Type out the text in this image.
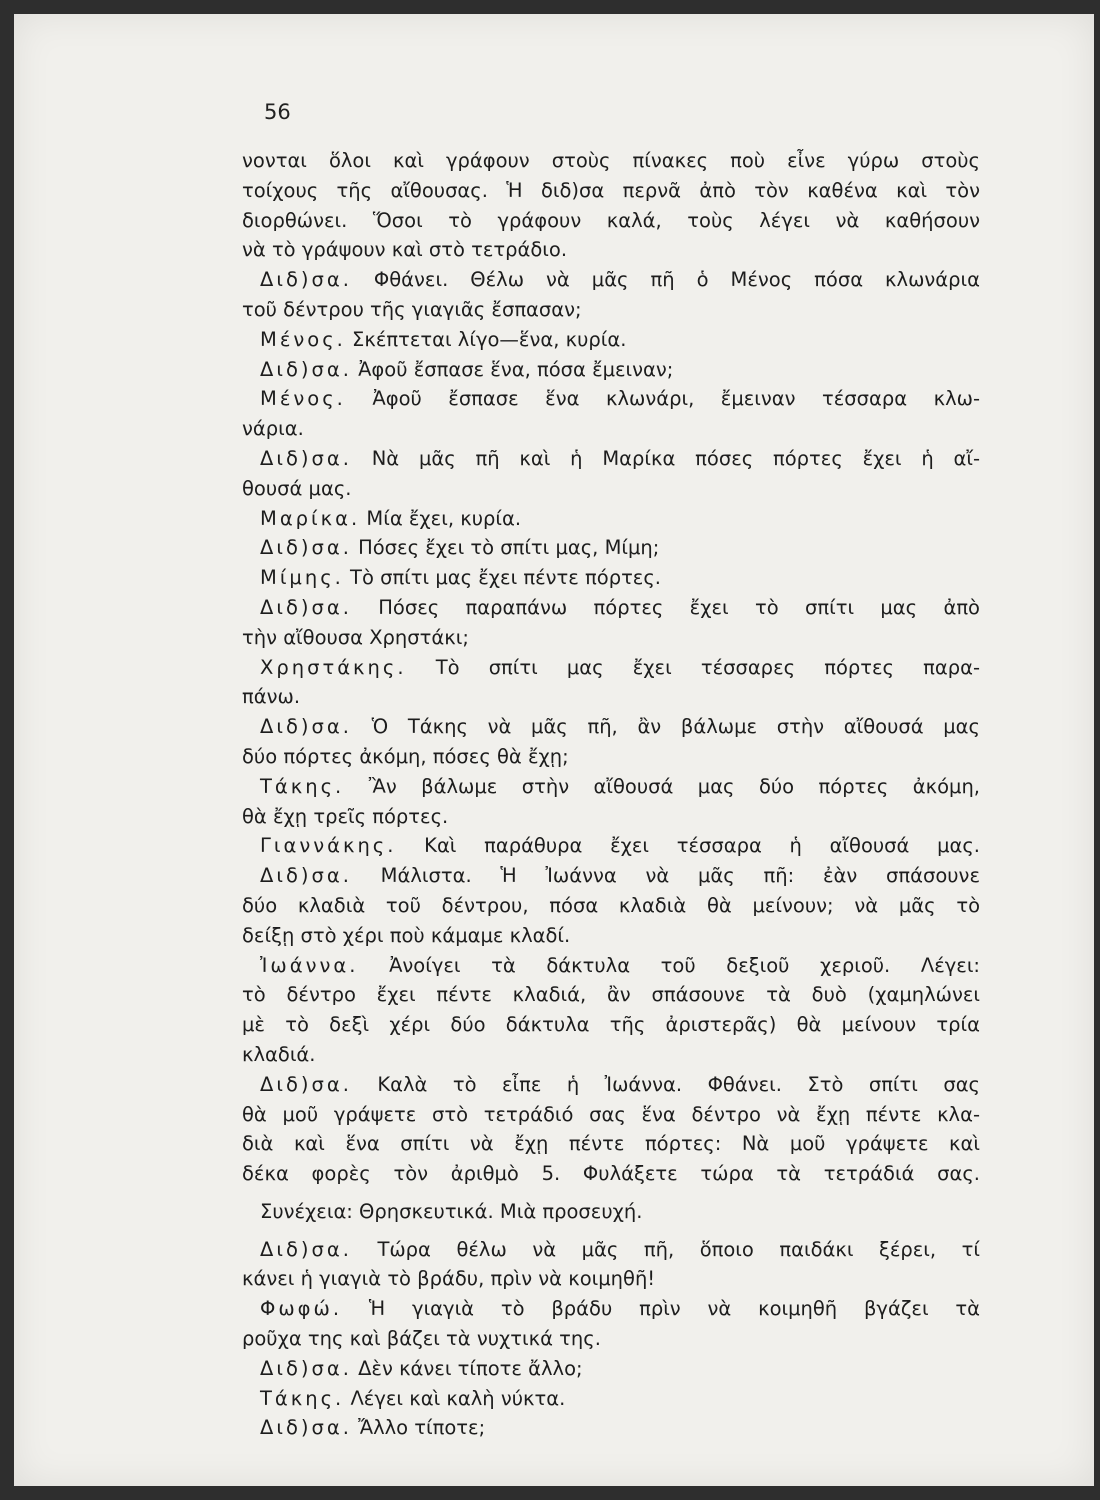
56
νονται ὅλοι καὶ γράφουν στοὺς πίνακες ποὺ εἶνε γύρω στοὺς
τοίχους τῆς αἴθουσας. Ἡ διδ)σα περνᾶ ἀπὸ τὸν καθένα καὶ τὸν
διορθώνει. Ὅσοι τὸ γράφουν καλά, τοὺς λέγει νὰ καθήσουν
νὰ τὸ γράψουν καὶ στὸ τετράδιο.
Διδ)σα. Φθάνει. Θέλω νὰ μᾶς πῆ ὁ Μένος πόσα κλωνάρια
τοῦ δέντρου τῆς γιαγιᾶς ἔσπασαν;
Μένος. Σκέπτεται λίγο—ἕνα, κυρία.
Διδ)σα. Ἀφοῦ ἔσπασε ἕνα, πόσα ἔμειναν;
Μένος. Ἀφοῦ ἔσπασε ἕνα κλωνάρι, ἔμειναν τέσσαρα κλω-
νάρια.
Διδ)σα. Νὰ μᾶς πῆ καὶ ἡ Μαρίκα πόσες πόρτες ἔχει ἡ αἴ-
θουσά μας.
Μαρίκα. Μία ἔχει, κυρία.
Διδ)σα. Πόσες ἔχει τὸ σπίτι μας, Μίμη;
Μίμης. Τὸ σπίτι μας ἔχει πέντε πόρτες.
Διδ)σα. Πόσες παραπάνω πόρτες ἔχει τὸ σπίτι μας ἀπὸ
τὴν αἴθουσα Χρηστάκι;
Χρηστάκης. Τὸ σπίτι μας ἔχει τέσσαρες πόρτες παρα-
πάνω.
Διδ)σα. Ὁ Τάκης νὰ μᾶς πῆ, ἂν βάλωμε στὴν αἴθουσά μας
δύο πόρτες ἀκόμη, πόσες θὰ ἔχῃ;
Τάκης. Ἂν βάλωμε στὴν αἴθουσά μας δύο πόρτες ἀκόμη,
θὰ ἔχῃ τρεῖς πόρτες.
Γιαννάκης. Καὶ παράθυρα ἔχει τέσσαρα ἡ αἴθουσά μας.
Διδ)σα. Μάλιστα. Ἡ Ἰωάννα νὰ μᾶς πῆ: ἐὰν σπάσουνε
δύο κλαδιὰ τοῦ δέντρου, πόσα κλαδιὰ θὰ μείνουν; νὰ μᾶς τὸ
δείξῃ στὸ χέρι ποὺ κάμαμε κλαδί.
Ἰωάννα. Ἀνοίγει τὰ δάκτυλα τοῦ δεξιοῦ χεριοῦ. Λέγει:
τὸ δέντρο ἔχει πέντε κλαδιά, ἂν σπάσουνε τὰ δυὸ (χαμηλώνει
μὲ τὸ δεξὶ χέρι δύο δάκτυλα τῆς ἀριστερᾶς) θὰ μείνουν τρία
κλαδιά.
Διδ)σα. Καλὰ τὸ εἶπε ἡ Ἰωάννα. Φθάνει. Στὸ σπίτι σας
θὰ μοῦ γράψετε στὸ τετράδιό σας ἕνα δέντρο νὰ ἔχῃ πέντε κλα-
διὰ καὶ ἕνα σπίτι νὰ ἔχῃ πέντε πόρτες: Νὰ μοῦ γράψετε καὶ
δέκα φορὲς τὸν ἀριθμὸ 5. Φυλάξετε τώρα τὰ τετράδιά σας.
Συνέχεια: Θρησκευτικά. Μιὰ προσευχή.
Διδ)σα. Τώρα θέλω νὰ μᾶς πῆ, ὅποιο παιδάκι ξέρει, τί
κάνει ἡ γιαγιὰ τὸ βράδυ, πρὶν νὰ κοιμηθῆ!
Φωφώ. Ἡ γιαγιὰ τὸ βράδυ πρὶν νὰ κοιμηθῆ βγάζει τὰ
ροῦχα της καὶ βάζει τὰ νυχτικά της.
Διδ)σα. Δὲν κάνει τίποτε ἄλλο;
Τάκης. Λέγει καὶ καλὴ νύκτα.
Διδ)σα. Ἄλλο τίποτε;
